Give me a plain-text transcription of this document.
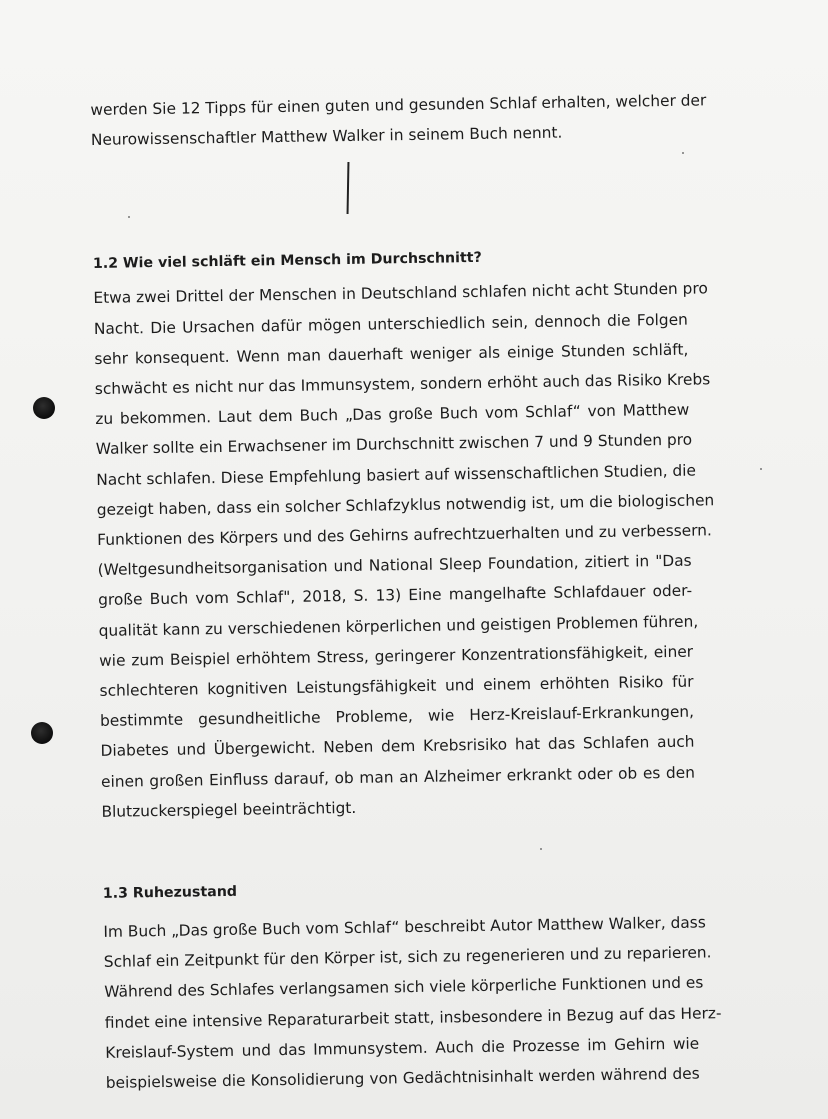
werden Sie 12 Tipps für einen guten und gesunden Schlaf erhalten, welcher der
Neurowissenschaftler Matthew Walker in seinem Buch nennt.

1.2 Wie viel schläft ein Mensch im Durchschnitt?

Etwa zwei Drittel der Menschen in Deutschland schlafen nicht acht Stunden pro
Nacht. Die Ursachen dafür mögen unterschiedlich sein, dennoch die Folgen
sehr konsequent. Wenn man dauerhaft weniger als einige Stunden schläft,
schwächt es nicht nur das Immunsystem, sondern erhöht auch das Risiko Krebs
zu bekommen. Laut dem Buch „Das große Buch vom Schlaf“ von Matthew
Walker sollte ein Erwachsener im Durchschnitt zwischen 7 und 9 Stunden pro
Nacht schlafen. Diese Empfehlung basiert auf wissenschaftlichen Studien, die
gezeigt haben, dass ein solcher Schlafzyklus notwendig ist, um die biologischen
Funktionen des Körpers und des Gehirns aufrechtzuerhalten und zu verbessern.
(Weltgesundheitsorganisation und National Sleep Foundation, zitiert in "Das
große Buch vom Schlaf", 2018, S. 13) Eine mangelhafte Schlafdauer oder-
qualität kann zu verschiedenen körperlichen und geistigen Problemen führen,
wie zum Beispiel erhöhtem Stress, geringerer Konzentrationsfähigkeit, einer
schlechteren kognitiven Leistungsfähigkeit und einem erhöhten Risiko für
bestimmte gesundheitliche Probleme, wie Herz-Kreislauf-Erkrankungen,
Diabetes und Übergewicht. Neben dem Krebsrisiko hat das Schlafen auch
einen großen Einfluss darauf, ob man an Alzheimer erkrankt oder ob es den
Blutzuckerspiegel beeinträchtigt.

1.3 Ruhezustand

Im Buch „Das große Buch vom Schlaf“ beschreibt Autor Matthew Walker, dass
Schlaf ein Zeitpunkt für den Körper ist, sich zu regenerieren und zu reparieren.
Während des Schlafes verlangsamen sich viele körperliche Funktionen und es
findet eine intensive Reparaturarbeit statt, insbesondere in Bezug auf das Herz-
Kreislauf-System und das Immunsystem. Auch die Prozesse im Gehirn wie
beispielsweise die Konsolidierung von Gedächtnisinhalt werden während des
